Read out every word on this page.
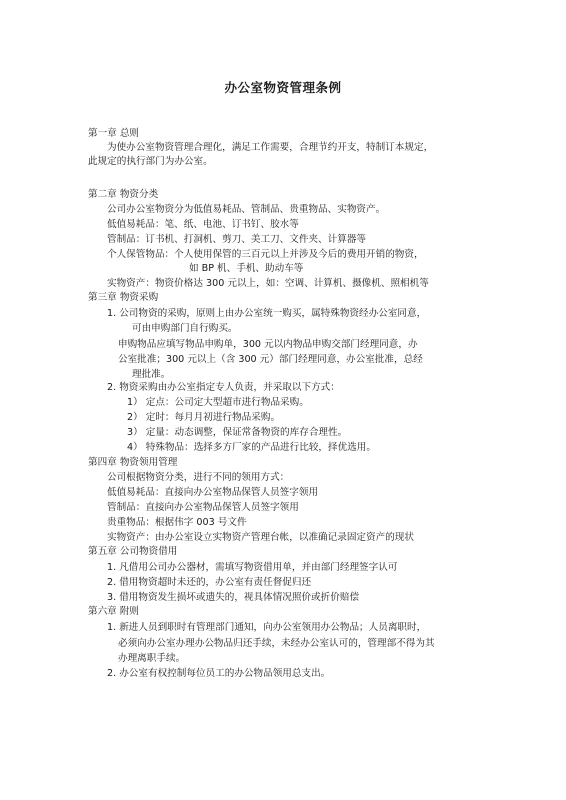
办公室物资管理条例
第一章 总则
为使办公室物资管理合理化，满足工作需要，合理节约开支，特制订本规定，
此规定的执行部门为办公室。
第二章 物资分类
公司办公室物资分为低值易耗品、管制品、贵重物品、实物资产。
低值易耗品：笔、纸、电池、订书钉、胶水等
管制品：订书机、打洞机、剪刀、美工刀、文件夹、计算器等
个人保管物品：个人使用保管的三百元以上并涉及今后的费用开销的物资，
如 BP 机、手机、助动车等
实物资产：物资价格达 300 元以上，如：空调、计算机、摄像机、照相机等
第三章 物资采购
1. 公司物资的采购，原则上由办公室统一购买，属特殊物资经办公室同意，
可由申购部门自行购买。
申购物品应填写物品申购单，300 元以内物品申购交部门经理同意，办
公室批准；300 元以上（含 300 元）部门经理同意，办公室批准，总经
理批准。
2. 物资采购由办公室指定专人负责，并采取以下方式：
1） 定点：公司定大型超市进行物品采购。
2） 定时：每月月初进行物品采购。
3） 定量：动态调整，保证常备物资的库存合理性。
4） 特殊物品：选择多方厂家的产品进行比较，择优选用。
第四章 物资领用管理
公司根据物资分类，进行不同的领用方式：
低值易耗品：直接向办公室物品保管人员签字领用
管制品：直接向办公室物品保管人员签字领用
贵重物品：根据伟字 003 号文件
实物资产：由办公室设立实物资产管理台帐，以准确记录固定资产的现状
第五章 公司物资借用
1. 凡借用公司办公器材，需填写物资借用单，并由部门经理签字认可
2. 借用物资超时未还的，办公室有责任督促归还
3. 借用物资发生损坏或遗失的，视具体情况照价或折价赔偿
第六章 附则
1. 新进人员到职时有管理部门通知，向办公室领用办公物品；人员离职时，
必须向办公室办理办公物品归还手续，未经办公室认可的，管理部不得为其
办理离职手续。
2. 办公室有权控制每位员工的办公物品领用总支出。
